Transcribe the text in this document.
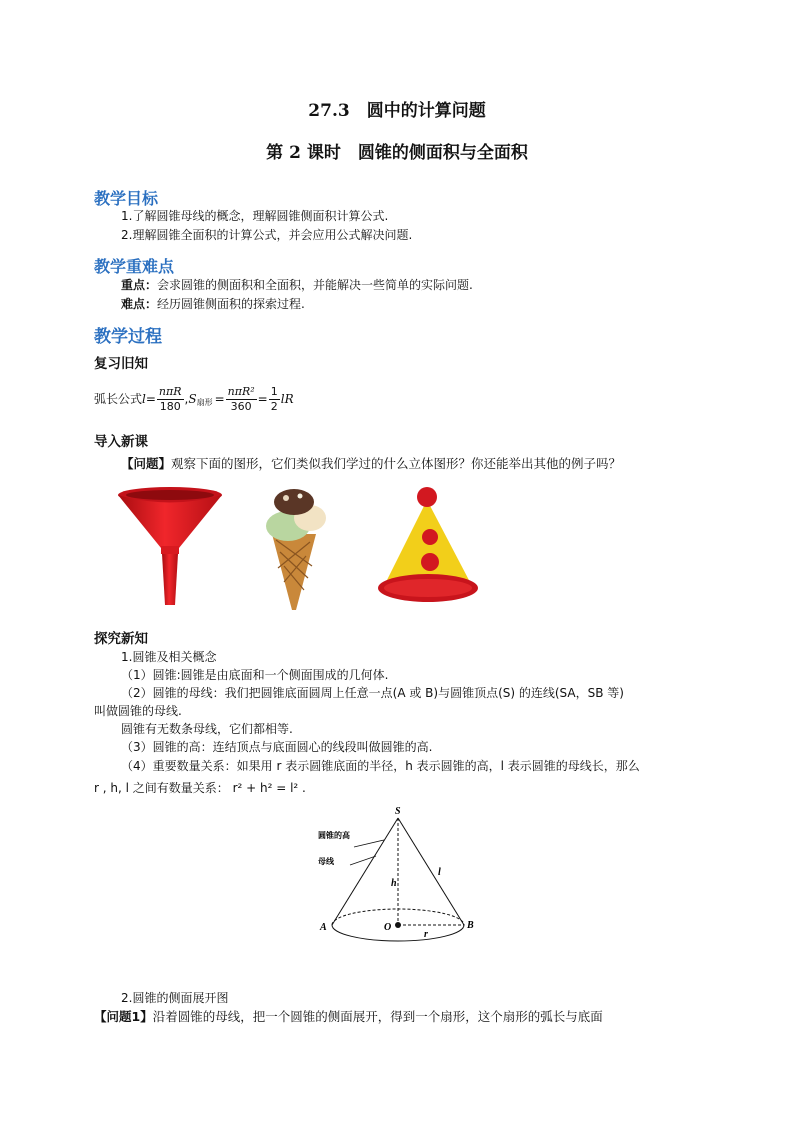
27.3　圆中的计算问题
第 2 课时　圆锥的侧面积与全面积
教学目标
1.了解圆锥母线的概念，理解圆锥侧面积计算公式.
2.理解圆锥全面积的计算公式，并会应用公式解决问题.
教学重难点
重点：会求圆锥的侧面积和全面积，并能解决一些简单的实际问题.
难点：经历圆锥侧面积的探索过程.
教学过程
复习旧知
弧长公式 $l = \frac{\text{nπR}}{180}$ , S 扇形 = $\frac{\text{nπR²}}{360} = \frac{1}{2}$ lR
导入新课
【问题】观察下面的图形，它们类似我们学过的什么立体图形？你还能举出其他的例子吗？
探究新知
1.圆锥及相关概念
（1）圆锥:圆锥是由底面和一个侧面围成的几何体.
（2）圆锥的母线：我们把圆锥底面圆周上任意一点(A 或 B)与圆锥顶点(S) 的连线(SA，SB 等)
叫做圆锥的母线.
圆锥有无数条母线，它们都相等.
（3）圆锥的高：连结顶点与底面圆心的线段叫做圆锥的高.
（4）重要数量关系：如果用 r 表示圆锥底面的半径，h 表示圆锥的高，l 表示圆锥的母线长，那么
r , h, l 之间有数量关系： r² + h² = l² .
S
A	B
O
h
l
r
圆锥的高
母线
2.圆锥的侧面展开图
【问题1】沿着圆锥的母线，把一个圆锥的侧面展开，得到一个扇形，这个扇形的弧长与底面
